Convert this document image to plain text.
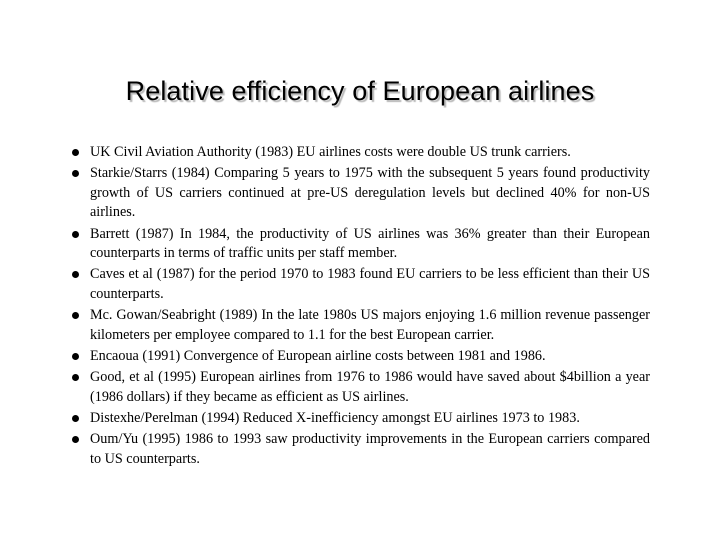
Relative efficiency of European airlines
UK Civil Aviation Authority (1983) EU airlines costs were double US trunk carriers.
Starkie/Starrs (1984) Comparing 5 years to 1975 with the subsequent 5 years found productivity growth of US carriers continued at pre-US deregulation levels but declined 40% for non-US airlines.
Barrett (1987) In 1984, the productivity of US airlines was 36% greater than their European counterparts in terms of traffic units per staff member.
Caves et al (1987) for the period 1970 to 1983 found EU carriers to be less efficient than their US counterparts.
Mc. Gowan/Seabright (1989) In the late 1980s US majors enjoying 1.6 million revenue passenger kilometers per employee compared to 1.1 for the best European carrier.
Encaoua (1991) Convergence of European airline costs between 1981 and 1986.
Good, et al (1995) European airlines from 1976 to 1986 would have saved about $4billion a year (1986 dollars) if they became as efficient as US airlines.
Distexhe/Perelman (1994) Reduced X-inefficiency amongst EU airlines 1973 to 1983.
Oum/Yu (1995) 1986 to 1993 saw productivity improvements in the European carriers compared to US counterparts.
